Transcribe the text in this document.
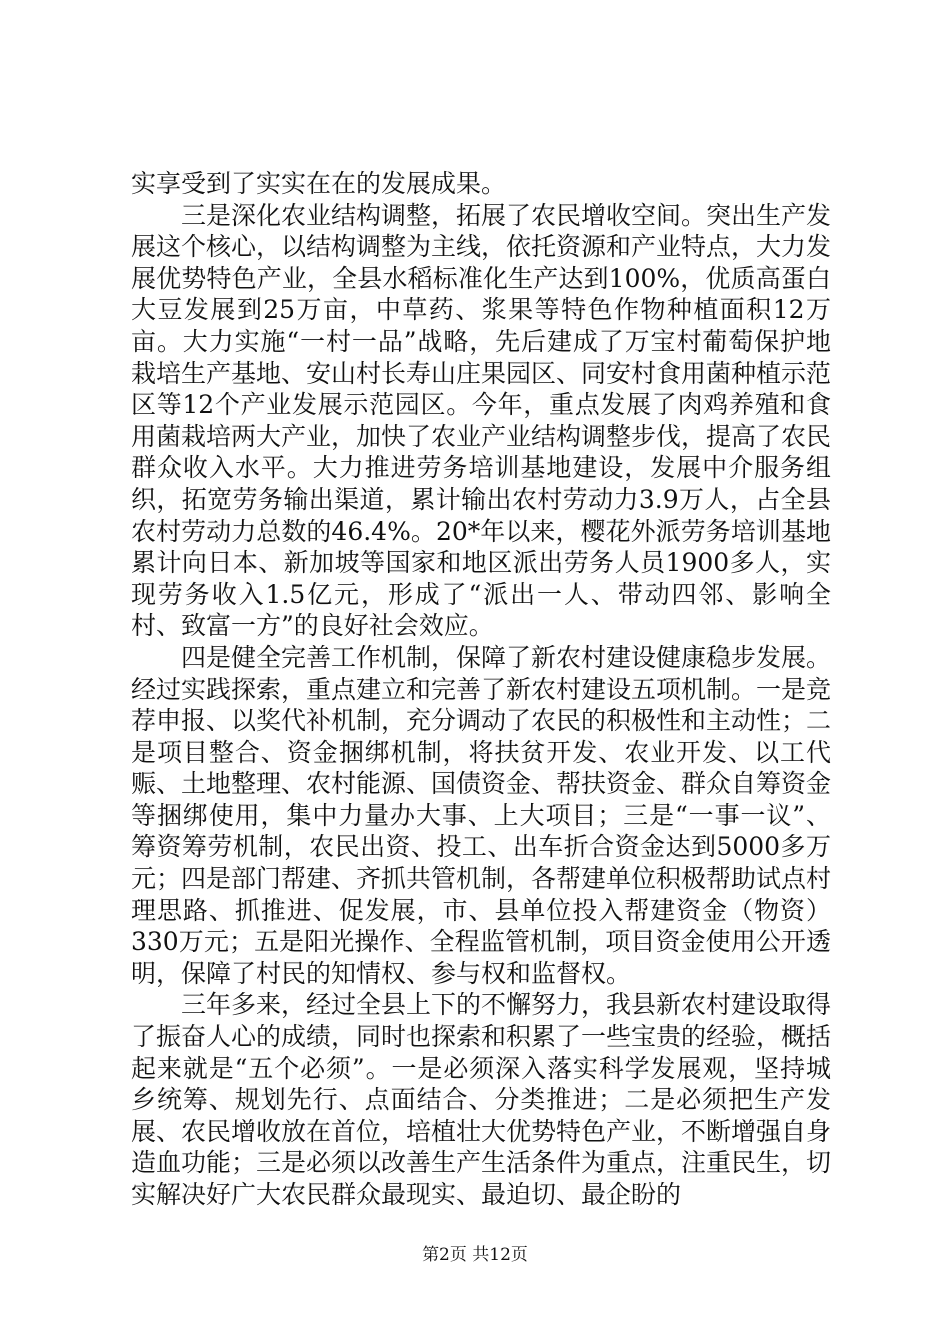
实享受到了实实在在的发展成果。

三是深化农业结构调整，拓展了农民增收空间。突出生产发展这个核心，以结构调整为主线，依托资源和产业特点，大力发展优势特色产业，全县水稻标准化生产达到100%，优质高蛋白大豆发展到25万亩，中草药、浆果等特色作物种植面积12万亩。大力实施“一村一品”战略，先后建成了万宝村葡萄保护地栽培生产基地、安山村长寿山庄果园区、同安村食用菌种植示范区等12个产业发展示范园区。今年，重点发展了肉鸡养殖和食用菌栽培两大产业，加快了农业产业结构调整步伐，提高了农民群众收入水平。大力推进劳务培训基地建设，发展中介服务组织，拓宽劳务输出渠道，累计输出农村劳动力3.9万人，占全县农村劳动力总数的46.4%。20*年以来，樱花外派劳务培训基地累计向日本、新加坡等国家和地区派出劳务人员1900多人，实现劳务收入1.5亿元，形成了“派出一人、带动四邻、影响全村、致富一方”的良好社会效应。

四是健全完善工作机制，保障了新农村建设健康稳步发展。经过实践探索，重点建立和完善了新农村建设五项机制。一是竞荐申报、以奖代补机制，充分调动了农民的积极性和主动性；二是项目整合、资金捆绑机制，将扶贫开发、农业开发、以工代赈、土地整理、农村能源、国债资金、帮扶资金、群众自筹资金等捆绑使用，集中力量办大事、上大项目；三是“一事一议”、筹资筹劳机制，农民出资、投工、出车折合资金达到5000多万元；四是部门帮建、齐抓共管机制，各帮建单位积极帮助试点村理思路、抓推进、促发展，市、县单位投入帮建资金（物资）330万元；五是阳光操作、全程监管机制，项目资金使用公开透明，保障了村民的知情权、参与权和监督权。

三年多来，经过全县上下的不懈努力，我县新农村建设取得了振奋人心的成绩，同时也探索和积累了一些宝贵的经验，概括起来就是“五个必须”。一是必须深入落实科学发展观，坚持城乡统筹、规划先行、点面结合、分类推进；二是必须把生产发展、农民增收放在首位，培植壮大优势特色产业，不断增强自身造血功能；三是必须以改善生产生活条件为重点，注重民生，切实解决好广大农民群众最现实、最迫切、最企盼的

第2页 共12页
